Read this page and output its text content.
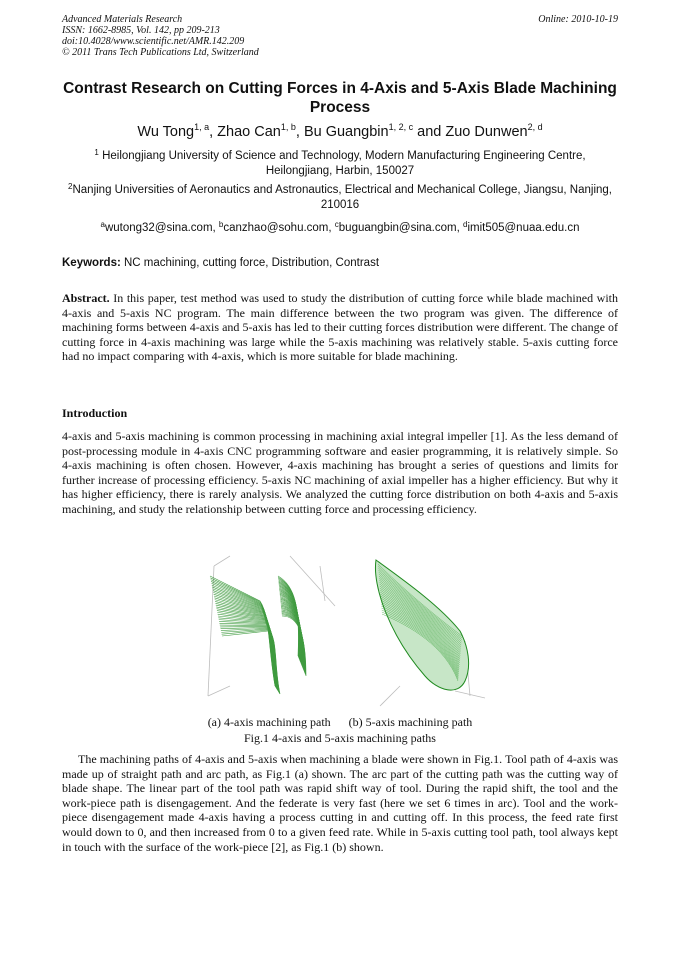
Advanced Materials Research
ISSN: 1662-8985, Vol. 142, pp 209-213
doi:10.4028/www.scientific.net/AMR.142.209
© 2011 Trans Tech Publications Ltd, Switzerland
Online: 2010-10-19
Contrast Research on Cutting Forces in 4-Axis and 5-Axis Blade Machining Process
Wu Tong$^{1, a}$, Zhao Can$^{1, b}$, Bu Guangbin$^{1, 2, c}$ and Zuo Dunwen$^{2, d}$
$^1$ Heilongjiang University of Science and Technology, Modern Manufacturing Engineering Centre, Heilongjiang, Harbin, 150027
$^2$Nanjing Universities of Aeronautics and Astronautics, Electrical and Mechanical College, Jiangsu, Nanjing, 210016
$^a$wutong32@sina.com, $^b$canzhao@sohu.com, $^c$buguangbin@sina.com, $^d$imit505@nuaa.edu.cn
Keywords: NC machining, cutting force, Distribution, Contrast
Abstract. In this paper, test method was used to study the distribution of cutting force while blade machined with 4-axis and 5-axis NC program. The main difference between the two program was given. The difference of machining forms between 4-axis and 5-axis has led to their cutting forces distribution were different. The change of cutting force in 4-axis machining was large while the 5-axis machining was relatively stable. 5-axis cutting force had no impact comparing with 4-axis, which is more suitable for blade machining.
Introduction
4-axis and 5-axis machining is common processing in machining axial integral impeller [1]. As the less demand of post-processing module in 4-axis CNC programming software and easier programming, it is relatively simple. So 4-axis machining is often chosen. However, 4-axis machining has brought a series of questions and limits for further increase of processing efficiency. 5-axis NC machining of axial impeller has a higher efficiency. But why it has higher efficiency, there is rarely analysis. We analyzed the cutting force distribution on both 4-axis and 5-axis machining, and study the relationship between cutting force and processing efficiency.
(a) 4-axis machining path (b) 5-axis machining path
Fig.1 4-axis and 5-axis machining paths
The machining paths of 4-axis and 5-axis when machining a blade were shown in Fig.1. Tool path of 4-axis was made up of straight path and arc path, as Fig.1 (a) shown. The arc part of the cutting path was the cutting way of blade shape. The linear part of the tool path was rapid shift way of tool. During the rapid shift, the tool and the work-piece path is disengagement. And the federate is very fast (here we set 6 times in arc). Tool and the work-piece disengagement made 4-axis having a process cutting in and cutting off. In this process, the feed rate first would down to 0, and then increased from 0 to a given feed rate. While in 5-axis cutting tool path, tool always kept in touch with the surface of the work-piece [2], as Fig.1 (b) shown.
